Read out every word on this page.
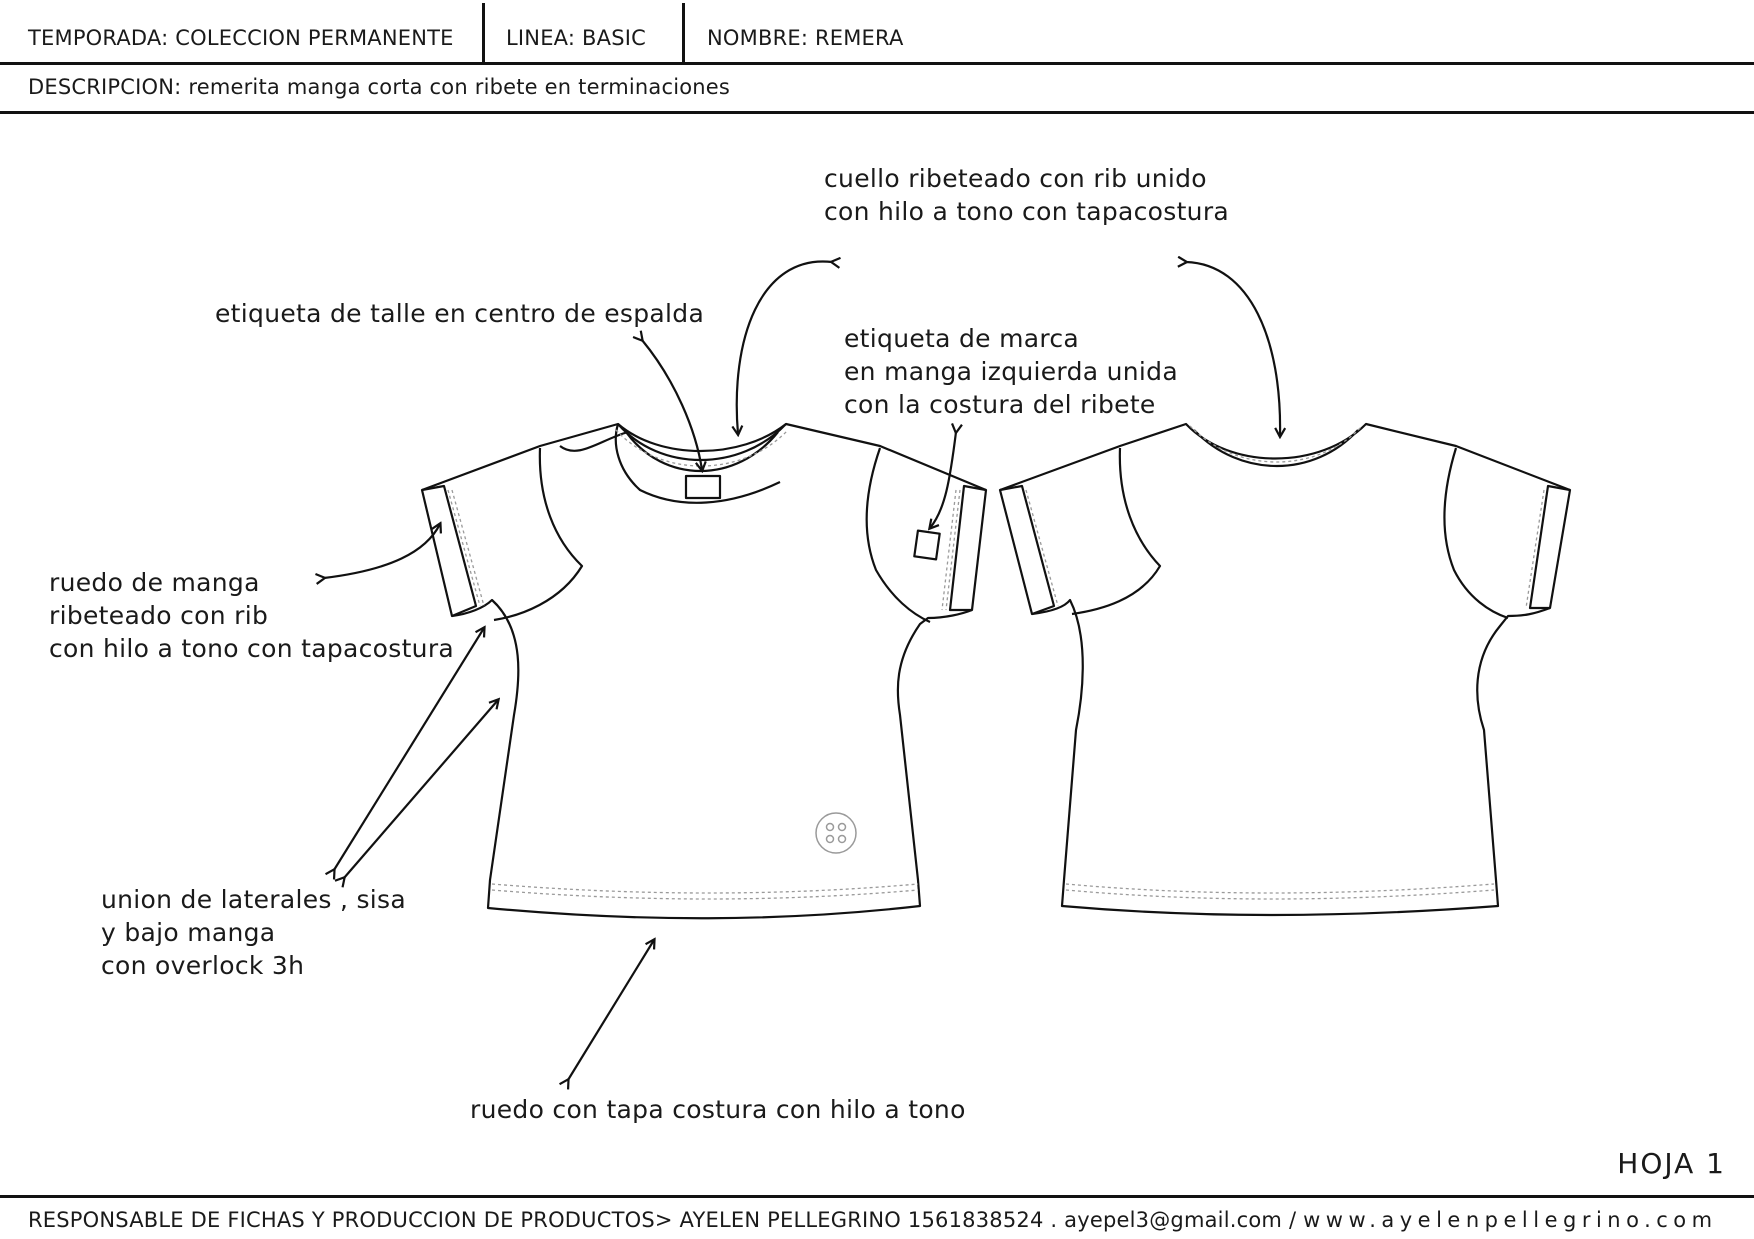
TEMPORADA: COLECCION PERMANENTE LINEA: BASIC	NOMBRE: REMERA
DESCRIPCION: remerita manga corta con ribete en terminaciones
cuello ribeteado con rib unido
con hilo a tono con tapacostura
etiqueta de talle en centro de espalda
etiqueta de marca
en manga izquierda unida
con la costura del ribete
ruedo de manga
ribeteado con rib
con hilo a tono con tapacostura
union de laterales , sisa
y bajo manga
con overlock 3h
ruedo con tapa costura con hilo a tono
HOJA 1
RESPONSABLE DE FICHAS Y PRODUCCION DE PRODUCTOS> AYELEN PELLEGRINO 1561838524 . ayepel3@gmail.com / www.ayelenpellegrino.com
